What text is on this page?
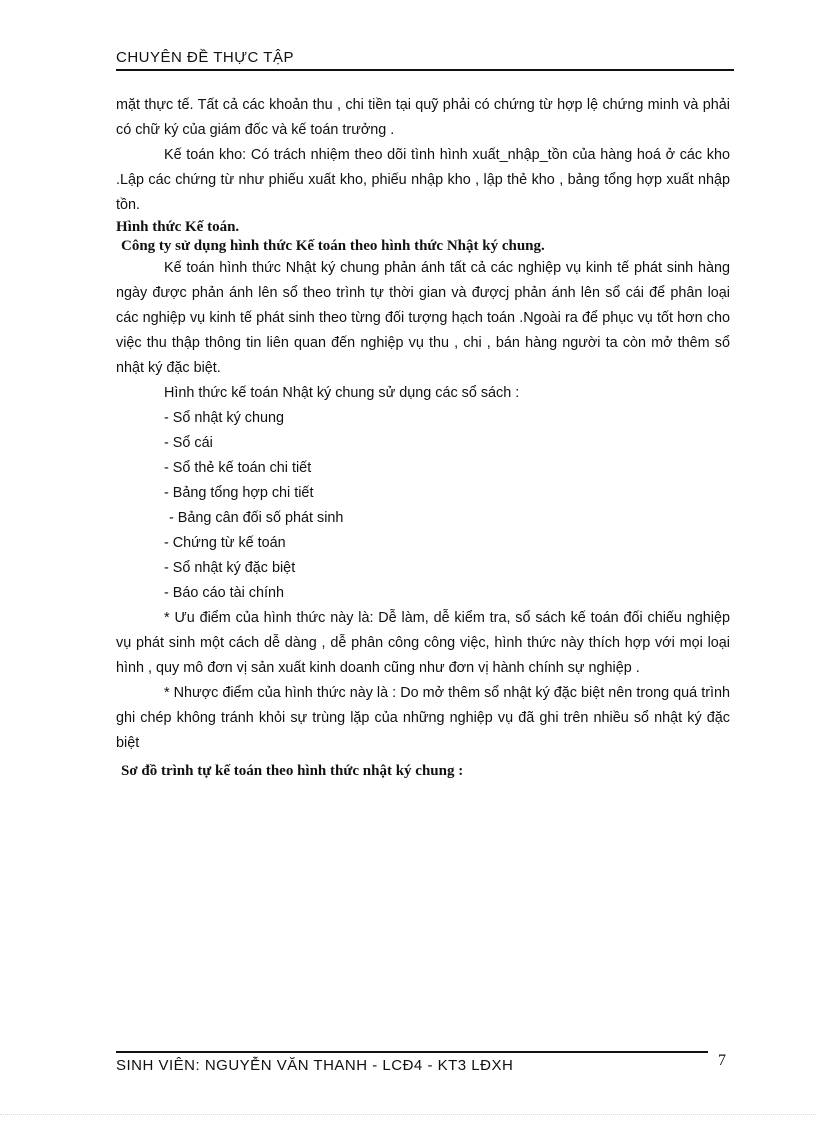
CHUYÊN ĐỀ THỰC TẬP

mặt thực tế. Tất cả các khoản thu , chi tiền tại quỹ phải có chứng từ hợp lệ chứng minh và phải có chữ ký của giám đốc và kế toán trưởng .

Kế toán kho: Có trách nhiệm theo dõi tình hình xuất_nhập_tồn của hàng hoá ở các kho .Lập các chứng từ như phiếu xuất kho, phiếu nhập kho , lập thẻ kho , bảng tổng hợp xuất nhập tồn.

Hình thức Kế toán.

Công ty sử dụng hình thức Kế toán theo hình thức Nhật ký chung.

Kế toán hình thức Nhật ký chung phản ánh tất cả các nghiệp vụ kinh tế phát sinh hàng ngày được phản ánh lên sổ theo trình tự thời gian và đượcj phản ánh lên sổ cái để phân loại các nghiệp vụ kinh tế phát sinh theo từng đối tượng hạch toán .Ngoài ra để phục vụ tốt hơn cho việc thu thập thông tin liên quan đến nghiệp vụ thu , chi , bán hàng người ta còn mở thêm sổ nhật ký đặc biệt.

Hình thức kế toán Nhật ký chung sử dụng các sổ sách :

- Sổ nhật ký chung

- Sổ cái

- Sổ thẻ kế toán chi tiết

- Bảng tổng hợp chi tiết

- Bảng cân đối số phát sinh

- Chứng từ kế toán

- Sổ nhật ký đặc biệt

- Báo cáo tài chính

* Ưu điểm của hình thức này là: Dễ làm, dễ kiểm tra, sổ sách kế toán đối chiếu nghiệp vụ phát sinh một cách dễ dàng , dễ phân công công việc, hình thức này thích hợp với mọi loại hình , quy mô đơn vị sản xuất kinh doanh cũng như đơn vị hành chính sự nghiệp .

* Nhược điểm của hình thức này là : Do mở thêm sổ nhật ký đặc biệt nên trong quá trình ghi chép không tránh khỏi sự trùng lặp của những nghiệp vụ đã ghi trên nhiều sổ nhật ký đặc biệt

Sơ đồ trình tự kế toán theo hình thức nhật ký chung :

SINH VIÊN: NGUYỄN VĂN THANH - LCĐ4 - KT3 LĐXH	7
